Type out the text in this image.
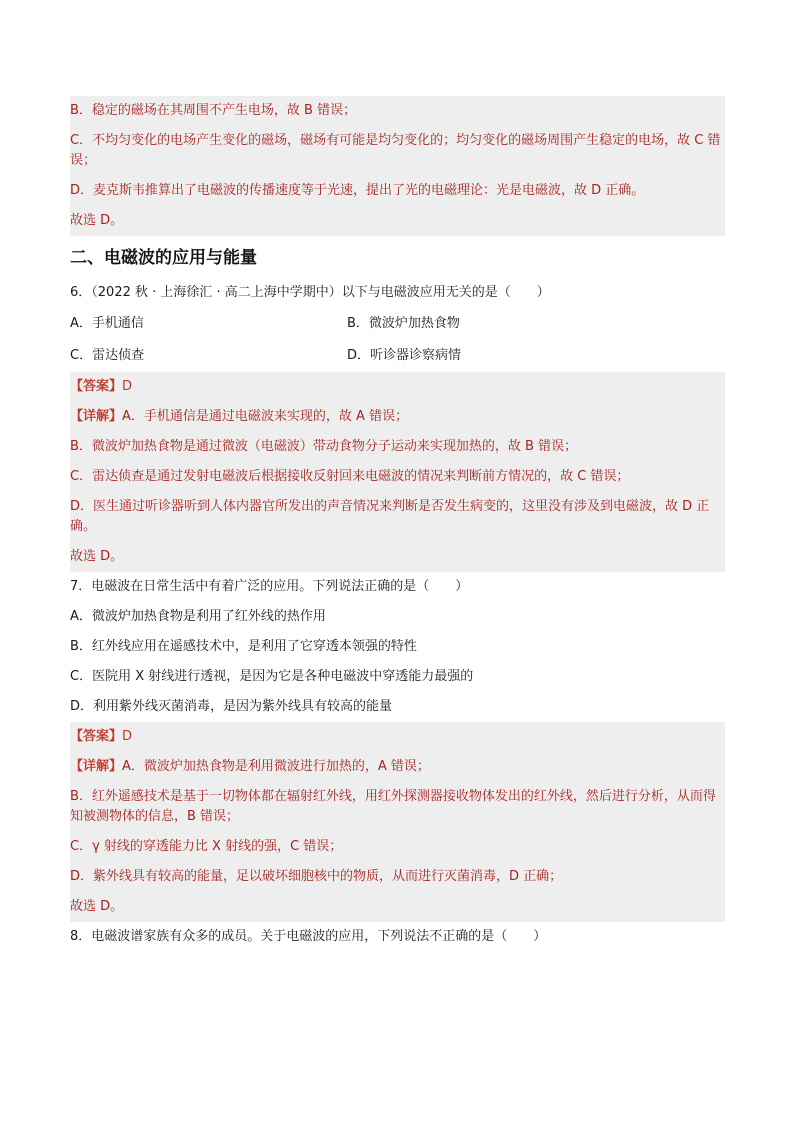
B．稳定的磁场在其周围不产生电场，故 B 错误；
C．不均匀变化的电场产生变化的磁场，磁场有可能是均匀变化的；均匀变化的磁场周围产生稳定的电场，故 C 错误；
D．麦克斯韦推算出了电磁波的传播速度等于光速，提出了光的电磁理论：光是电磁波，故 D 正确。
故选 D。
二、电磁波的应用与能量
6．（2022 秋 · 上海徐汇 · 高二上海中学期中）以下与电磁波应用无关的是（　　）
A．手机通信	B．微波炉加热食物
C．雷达侦查	D．听诊器诊察病情
【答案】D
【详解】A．手机通信是通过电磁波来实现的，故 A 错误；
B．微波炉加热食物是通过微波（电磁波）带动食物分子运动来实现加热的，故 B 错误；
C．雷达侦查是通过发射电磁波后根据接收反射回来电磁波的情况来判断前方情况的，故 C 错误；
D．医生通过听诊器听到人体内器官所发出的声音情况来判断是否发生病变的，这里没有涉及到电磁波，故 D 正确。
故选 D。
7．电磁波在日常生活中有着广泛的应用。下列说法正确的是（　　）
A．微波炉加热食物是利用了红外线的热作用
B．红外线应用在遥感技术中，是利用了它穿透本领强的特性
C．医院用 X 射线进行透视，是因为它是各种电磁波中穿透能力最强的
D．利用紫外线灭菌消毒，是因为紫外线具有较高的能量
【答案】D
【详解】A．微波炉加热食物是利用微波进行加热的，A 错误；
B．红外遥感技术是基于一切物体都在辐射红外线，用红外探测器接收物体发出的红外线，然后进行分析，从而得知被测物体的信息，B 错误；
C．γ 射线的穿透能力比 X 射线的强，C 错误；
D．紫外线具有较高的能量，足以破坏细胞核中的物质，从而进行灭菌消毒，D 正确；
故选 D。
8．电磁波谱家族有众多的成员。关于电磁波的应用，下列说法不正确的是（　　）
